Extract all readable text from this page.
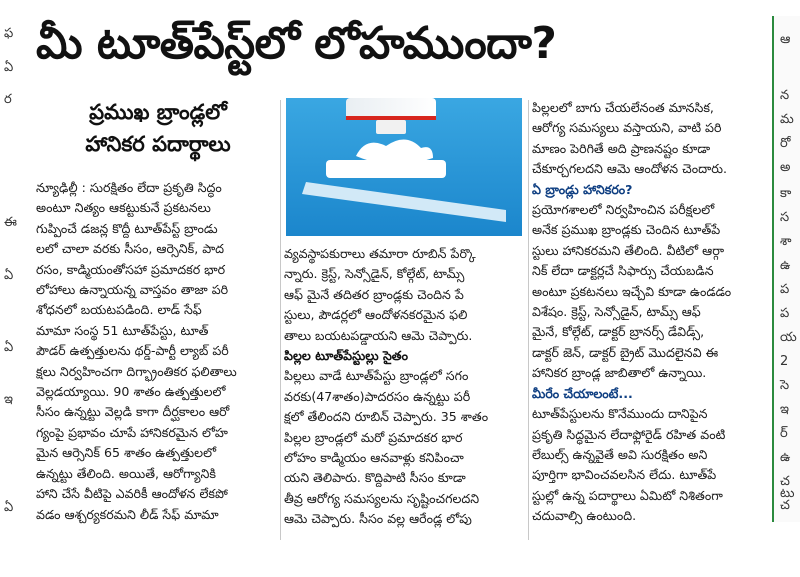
ఫ
ఏ
ర
ఈ
ఏ
ఏ
ఇ
ఏ
మీ టూత్‌పేస్ట్‌లో లోహముందా?
ప్రముఖ బ్రాండ్లలో
హానికర పదార్థాలు

న్యూఢిల్లీ : సురక్షితం లేదా ప్రకృతి సిద్ధం

అంటూ నిత్యం ఆకట్టుకునే ప్రకటనలు

గుప్పించే డజన్ల కొద్దీ టూత్‌పేస్ట్ బ్రాండు

లలో చాలా వరకు సీసం, ఆర్సెనిక్, పాద

రసం, కాడ్మియంతోసహా ప్రమాదకర భార

లోహాలు ఉన్నాయన్న వాస్తవం తాజా పరి

శోధనలో బయటపడింది. లాడ్ సేఫ్

మామా సంస్థ 51 టూత్‌పేస్టు, టూత్

పౌడర్ ఉత్పత్తులను థర్డ్-పార్టీ ల్యాబ్ పరీ

క్షలు నిర్వహించగా దిగ్భ్రాంతికర ఫలితాలు

వెల్లడయ్యాయి. 90 శాతం ఉత్పత్తులలో

సీసం ఉన్నట్టు వెల్లడి కాగా దీర్ఘకాలం ఆరో

గ్యంపై ప్రభావం చూపే హానికరమైన లోహ

మైన ఆర్సెనిక్ 65 శాతం ఉత్పత్తులలో

ఉన్నట్టు తేలింది. అయితే, ఆరోగ్యానికి

హాని చేసే వీటిపై ఎవరికీ ఆందోళన లేకపో

వడం ఆశ్చర్యకరమని లీడ్ సేఫ్ మామా

వ్యవస్థాపకురాలు తమారా రూబిన్ పేర్కొ

న్నారు. క్రెస్ట్, సెన్సోడైన్, కోల్గేట్, టామ్స్

ఆఫ్ మైనే తదితర బ్రాండ్లకు చెందిన పే

స్టులు, పౌడర్లలో ఆందోళనకరమైన ఫలి

తాలు బయటపడ్డాయని ఆమె చెప్పారు.

పిల్లల టూత్‌పేస్టుల్లు సైతం

పిల్లలు వాడే టూత్‌పేస్టు బ్రాండ్లలో సగం

వరకు(47శాతం)పాదరసం ఉన్నట్టు పరీ

క్షలో తేలిందని రూబిన్ చెప్పారు. 35 శాతం

పిల్లల బ్రాండ్లలో మరో ప్రమాదకర భార

లోహం కాడ్మియం ఆనవాళ్లు కనిపించా

యని తెలిపారు. కొద్దిపాటి సీసం కూడా

తీవ్ర ఆరోగ్య సమస్యలను సృష్టించగలదని

ఆమె చెప్పారు. సీసం వల్ల ఆరేండ్ల లోపు

పిల్లలలో బాగు చేయలేనంత మానసిక,

ఆరోగ్య సమస్యలు వస్తాయని, వాటి పరి

మాణం పెరిగితే అది ప్రాణనష్టం కూడా

చేకూర్చగలదని ఆమె ఆందోళన చెందారు.

ఏ బ్రాండ్లు హానికరం?

ప్రయోగశాలలో నిర్వహించిన పరీక్షలలో

అనేక ప్రముఖ బ్రాండ్లకు చెందిన టూత్‌పే

స్టులు హానికరమని తేలింది. వీటిలో ఆర్గా

నిక్ లేదా డాక్టర్లచే సిఫార్సు చేయబడిన

అంటూ ప్రకటనలు ఇచ్చేవి కూడా ఉండడం

విశేషం. క్రెస్ట్, సెన్సోడైన్, టామ్స్ ఆఫ్

మైనే, కోల్గేట్, డాక్టర్ బ్రానర్స్ డేవిడ్స్,

డాక్టర్ జెన్, డాక్టర్ బ్రైట్ మొదలైనవి ఈ

హానికర బ్రాండ్ల జాబితాలో ఉన్నాయి.

మీరేం చేయాలంటే...

టూత్‌పేస్టులను కొనేముందు దానిపైన

ప్రకృతి సిద్ధమైన లేదాఫ్లోరైడ్ రహిత వంటి

లేబుల్స్ ఉన్నవైతే అవి సురక్షితం అని

పూర్తిగా భావించవలసిన లేదు. టూత్‌పే

స్టుల్లో ఉన్న పదార్థాలు ఏమిటో నిశితంగా

చదువాల్సి ఉంటుంది.

ఆ
న
మ
రో
అ
కా
స
శా
ఉ
ప
ప
య
2
సె
ఇ
ర్
ఉ
చ
టు
చ
